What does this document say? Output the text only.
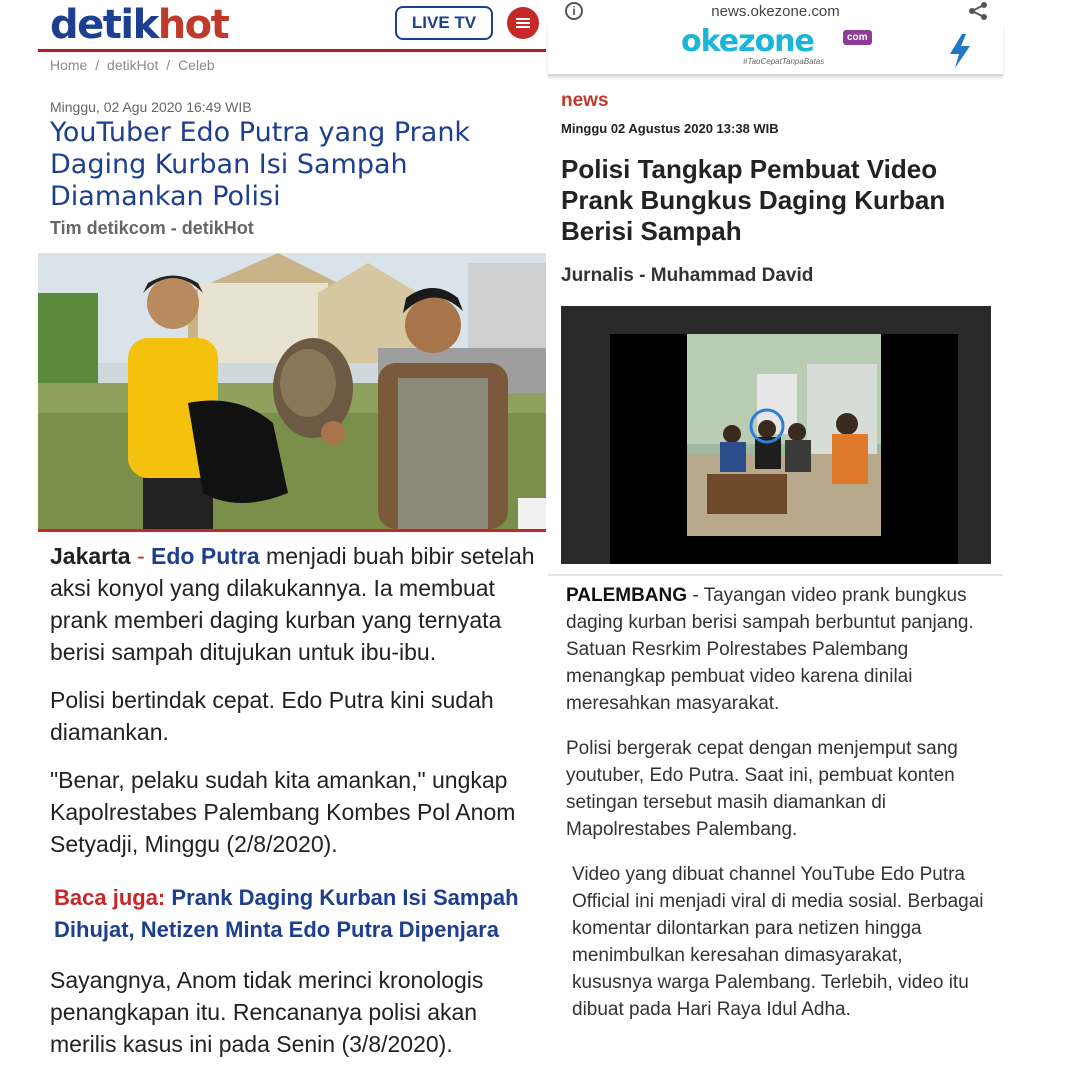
detikhot	LIVE TV
Home / detikHot / Celeb
Minggu, 02 Agu 2020 16:49 WIB
YouTuber Edo Putra yang Prank Daging Kurban Isi Sampah Diamankan Polisi
Tim detikcom - detikHot

Jakarta - Edo Putra menjadi buah bibir setelah aksi konyol yang dilakukannya. Ia membuat prank memberi daging kurban yang ternyata berisi sampah ditujukan untuk ibu-ibu.

Polisi bertindak cepat. Edo Putra kini sudah diamankan.

"Benar, pelaku sudah kita amankan," ungkap Kapolrestabes Palembang Kombes Pol Anom Setyadji, Minggu (2/8/2020).

Baca juga: Prank Daging Kurban Isi Sampah Dihujat, Netizen Minta Edo Putra Dipenjara

Sayangnya, Anom tidak merinci kronologis penangkapan itu. Rencananya polisi akan merilis kasus ini pada Senin (3/8/2020).

i	news.okezone.com
okezone	com
#TauCepatTanpaBatas
news
Minggu 02 Agustus 2020 13:38 WIB
Polisi Tangkap Pembuat Video Prank Bungkus Daging Kurban Berisi Sampah
Jurnalis - Muhammad David

PALEMBANG - Tayangan video prank bungkus daging kurban berisi sampah berbuntut panjang. Satuan Resrkim Polrestabes Palembang menangkap pembuat video karena dinilai meresahkan masyarakat.

Polisi bergerak cepat dengan menjemput sang youtuber, Edo Putra. Saat ini, pembuat konten setingan tersebut masih diamankan di Mapolrestabes Palembang.

Video yang dibuat channel YouTube Edo Putra Official ini menjadi viral di media sosial. Berbagai komentar dilontarkan para netizen hingga menimbulkan keresahan dimasyarakat, kususnya warga Palembang. Terlebih, video itu dibuat pada Hari Raya Idul Adha.
